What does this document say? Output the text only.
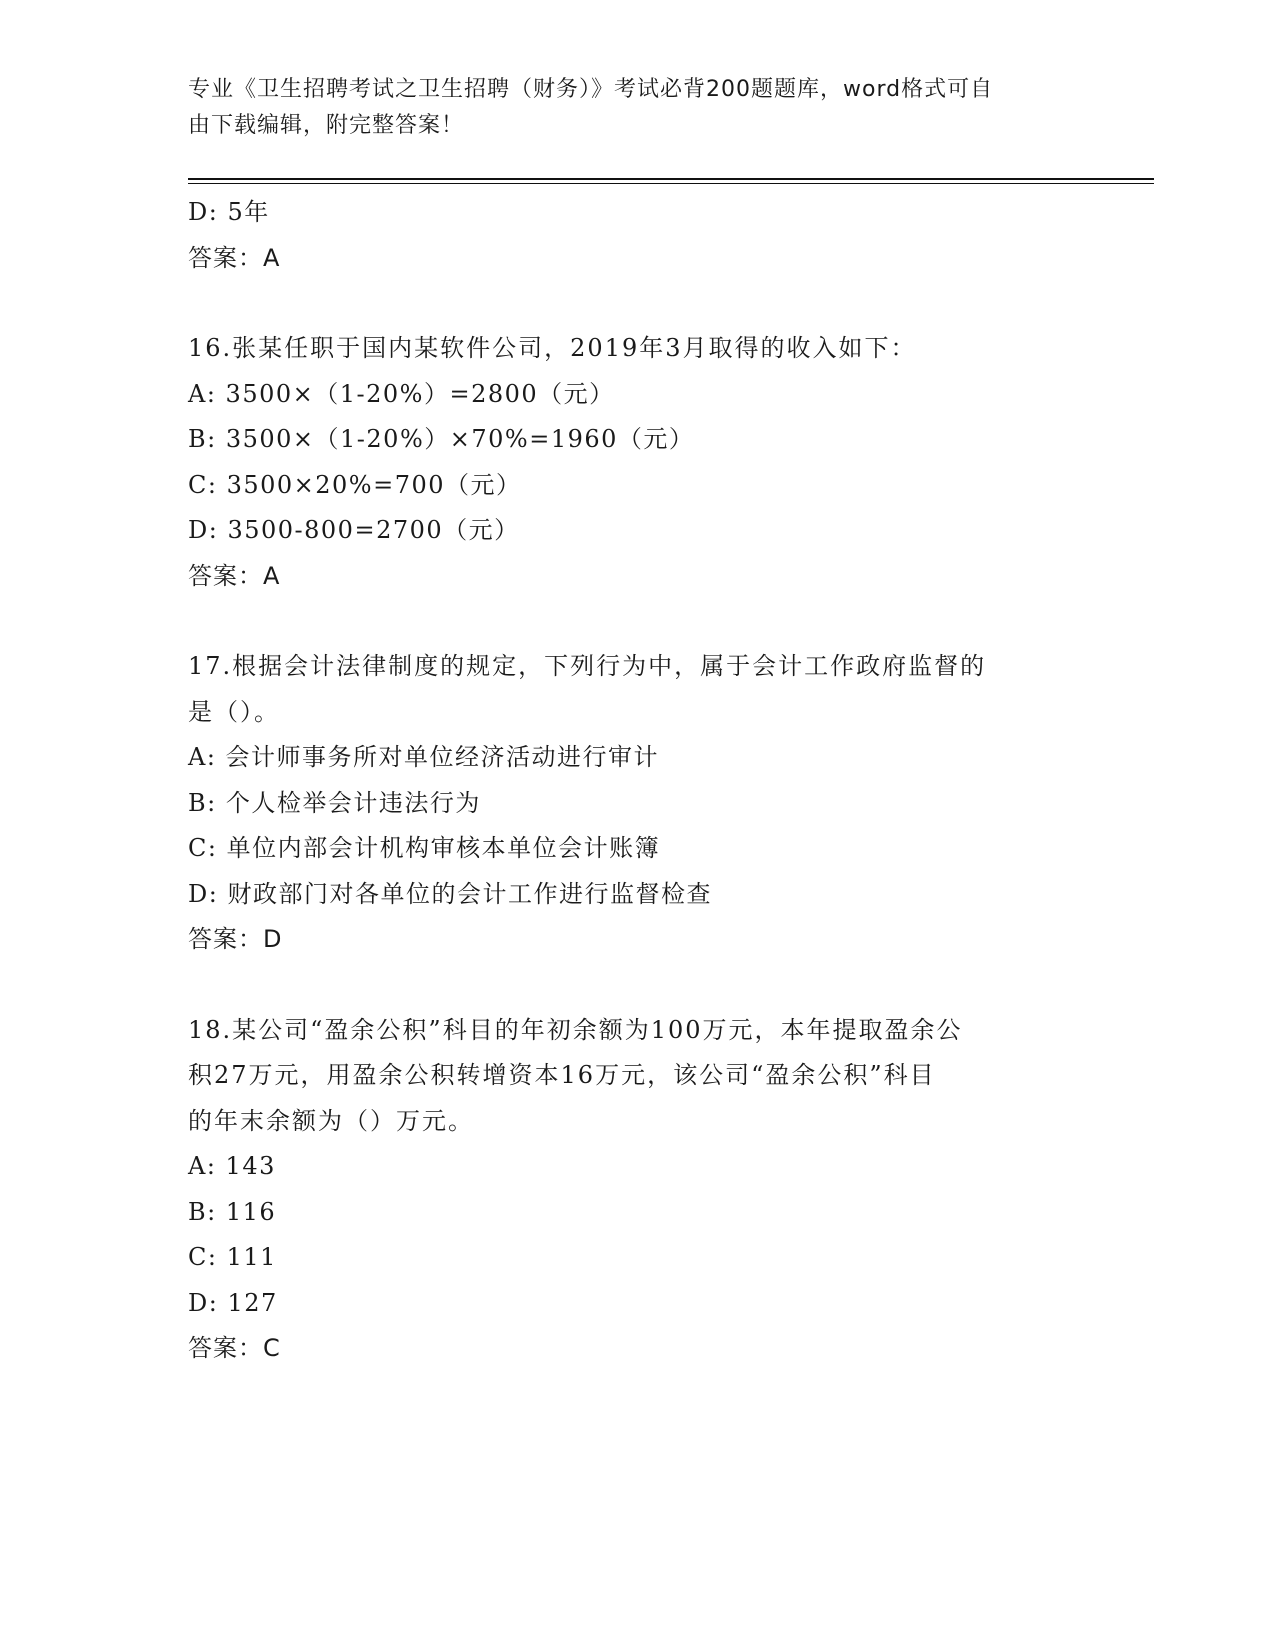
专业《卫生招聘考试之卫生招聘（财务）》考试必背200题题库，word格式可自
由下载编辑，附完整答案！
D: 5年
答案：A
16.张某任职于国内某软件公司，2019年3月取得的收入如下：
A: 3500×（1-20%）=2800（元）
B: 3500×（1-20%）×70%=1960（元）
C: 3500×20%=700（元）
D: 3500-800=2700（元）
答案：A
17.根据会计法律制度的规定，下列行为中，属于会计工作政府监督的
是（）。
A: 会计师事务所对单位经济活动进行审计
B: 个人检举会计违法行为
C: 单位内部会计机构审核本单位会计账簿
D: 财政部门对各单位的会计工作进行监督检查
答案：D
18.某公司“盈余公积”科目的年初余额为100万元，本年提取盈余公
积27万元，用盈余公积转增资本16万元，该公司“盈余公积”科目
的年末余额为（）万元。
A: 143
B: 116
C: 111
D: 127
答案：C
